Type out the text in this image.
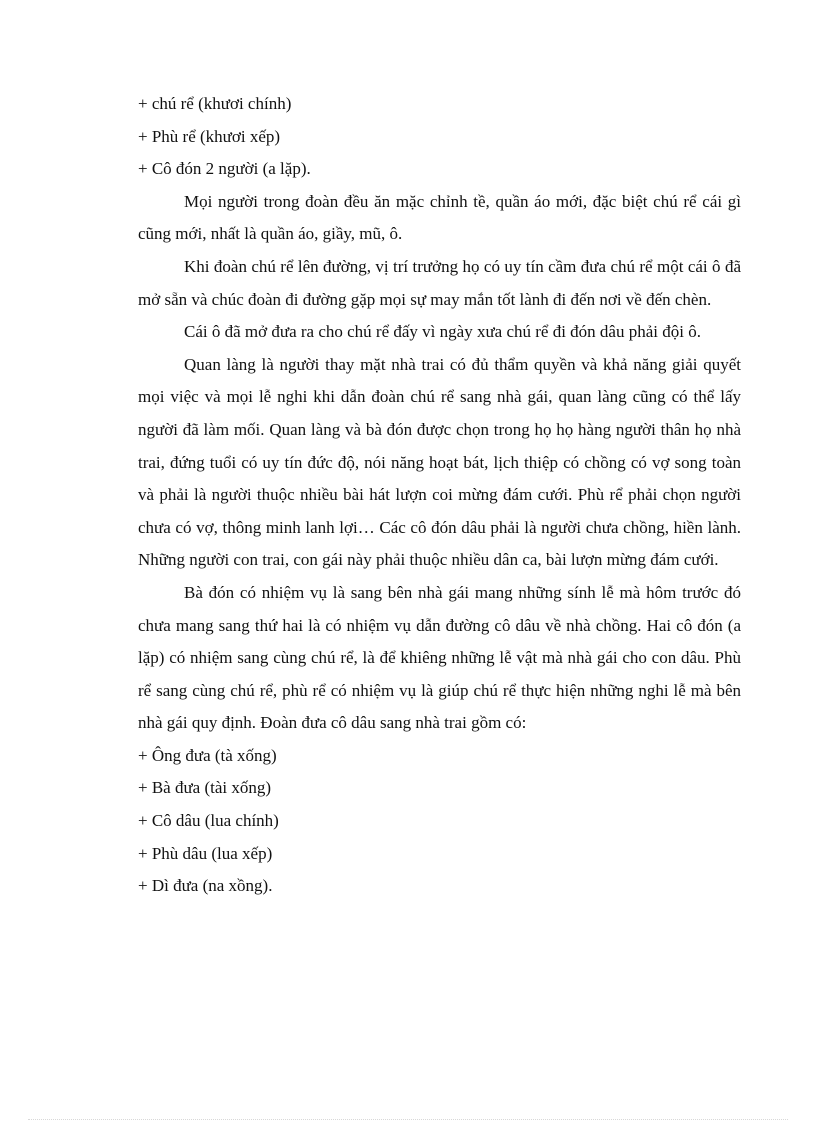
+ chú rể (khươi chính)

+ Phù rể (khươi xếp)

+ Cô đón 2 người (a lặp).

Mọi người trong đoàn đều ăn mặc chỉnh tề, quần áo mới, đặc biệt chú rể cái gì cũng mới, nhất là quần áo, giầy, mũ, ô.

Khi đoàn chú rể lên đường, vị trí trưởng họ có uy tín cầm đưa chú rể một cái ô đã mở sẵn và chúc đoàn đi đường gặp mọi sự may mắn tốt lành đi đến nơi về đến chèn.

Cái ô đã mở đưa ra cho chú rể đấy vì ngày xưa chú rể đi đón dâu phải đội ô.

Quan làng là người thay mặt nhà trai có đủ thẩm quyền và khả năng giải quyết mọi việc và mọi lễ nghi khi dẫn đoàn chú rể sang nhà gái, quan làng cũng có thể lấy người đã làm mối. Quan làng và bà đón được chọn trong họ họ hàng người thân họ nhà trai, đứng tuổi có uy tín đức độ, nói năng hoạt bát, lịch thiệp có chồng có vợ song toàn và phải là người thuộc nhiều bài hát lượn coi mừng đám cưới. Phù rể phải chọn người chưa có vợ, thông minh lanh lợi… Các cô đón dâu phải là người chưa chồng, hiền lành. Những người con trai, con gái này phải thuộc nhiều dân ca, bài lượn mừng đám cưới.

Bà đón có nhiệm vụ là sang bên nhà gái mang những sính lễ mà hôm trước đó chưa mang sang thứ hai là có nhiệm vụ dẫn đường cô dâu về nhà chồng. Hai cô đón (a lặp) có nhiệm sang cùng chú rể, là để khiêng những lễ vật mà nhà gái cho con dâu. Phù rể sang cùng chú rể, phù rể có nhiệm vụ là giúp chú rể thực hiện những nghi lễ mà bên nhà gái quy định. Đoàn đưa cô dâu sang nhà trai gồm có:

+ Ông đưa (tà xống)

+ Bà đưa (tài xống)

+ Cô dâu (lua chính)

+ Phù dâu (lua xếp)

+ Dì đưa (na xồng).
